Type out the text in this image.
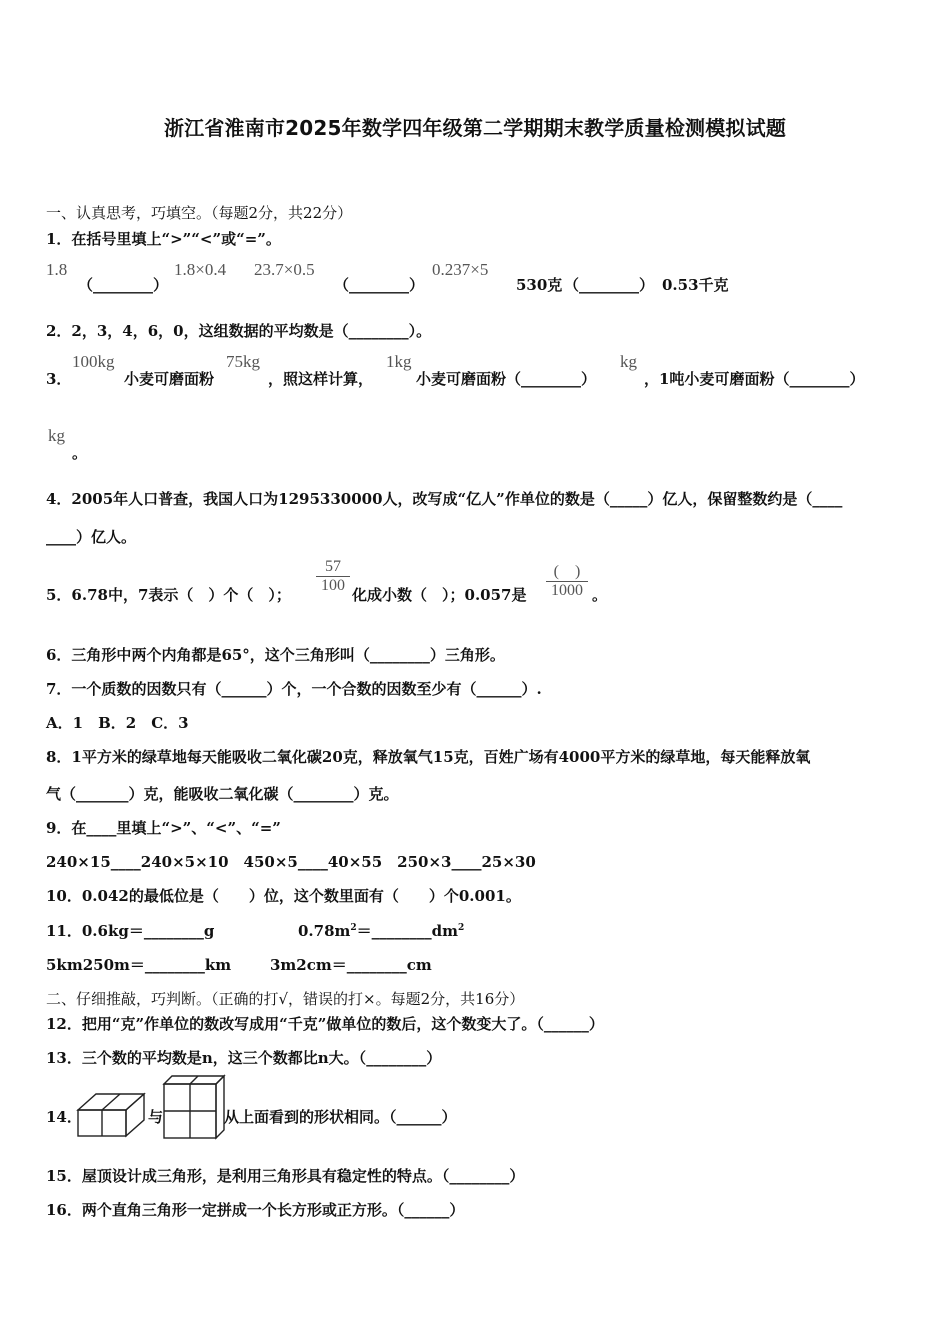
浙江省淮南市2025年数学四年级第二学期期末教学质量检测模拟试题
一、认真思考，巧填空。（每题2分，共22分）
1．在括号里填上“>”“<”或“=”。
1.8
（________）
1.8×0.4 23.7×0.5
（________）
0.237×5
530克 （________） 0.53千克
2．2，3，4，6，0，这组数据的平均数是（________）。
3．
100kg
小麦可磨面粉
75kg
，照这样计算，
1kg
小麦可磨面粉（________）
kg
，1吨小麦可磨面粉（________）
kg
。
4．2005年人口普查，我国人口为1295330000人，改写成“亿人”作单位的数是（_____）亿人，保留整数约是（____
____）亿人。
5．6.78中，7表示（　）个（　）；
57
100
化成小数（　）；0.057是
(　)
1000 。
6．三角形中两个内角都是65°，这个三角形叫（________）三角形。
7．一个质数的因数只有（______）个，一个合数的因数至少有（______）.
A．1　B．2　C．3
8．1平方米的绿草地每天能吸收二氧化碳20克，释放氧气15克，百姓广场有4000平方米的绿草地，每天能释放氧
气（_______）克，能吸收二氧化碳（________）克。
9．在____里填上“>”、“<”、“=”
240×15____240×5×10　450×5____40×55　250×3____25×30
10．0.042的最低位是（　　）位，这个数里面有（　　）个0.001。
11．0.6kg＝________g	$0.78m^2=\_\_\_\_\_\_\_\_dm^2$
5km250m＝________km	3m2cm＝________cm
二、仔细推敲，巧判断。（正确的打√，错误的打×。每题2分，共16分）
12．把用“克”作单位的数改写成用“千克”做单位的数后，这个数变大了。（______）
13．三个数的平均数是n，这三个数都比n大。（________）
14．	与	从上面看到的形状相同。（______）
15．屋顶设计成三角形，是利用三角形具有稳定性的特点。（________）
16．两个直角三角形一定拼成一个长方形或正方形。（______）
